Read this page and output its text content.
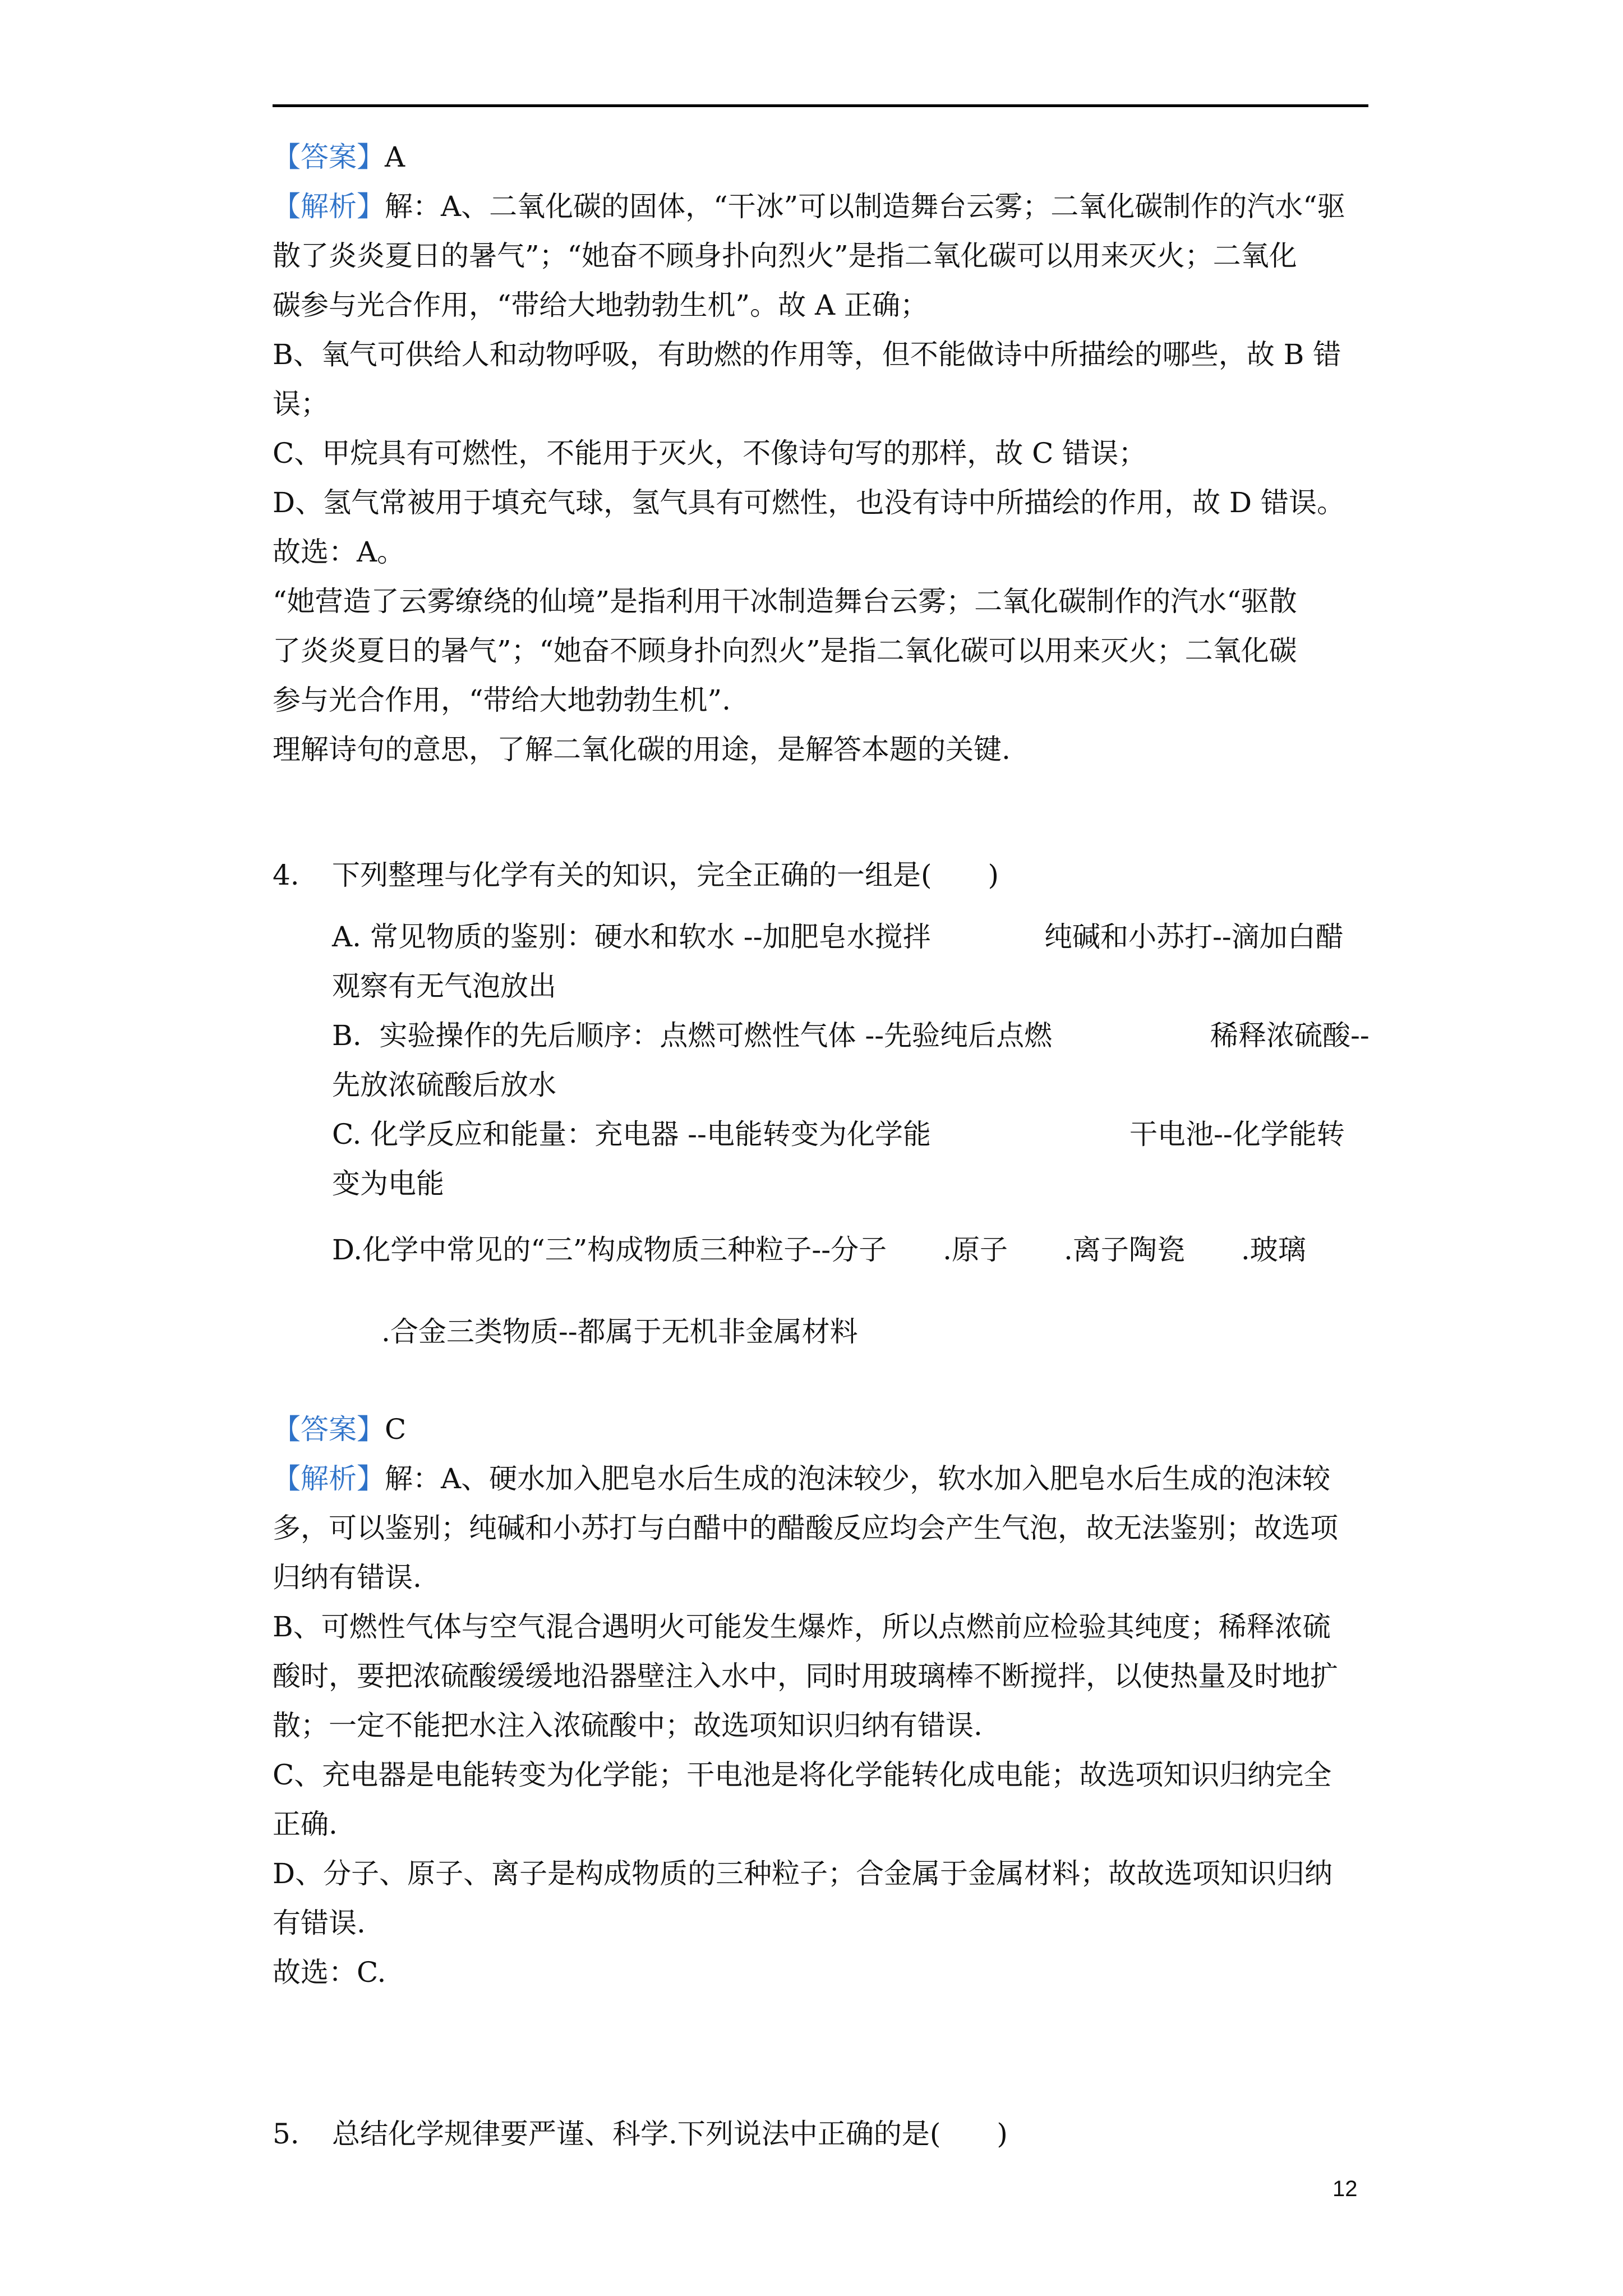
【答案】A
【解析】解：A、二氧化碳的固体，“干冰”可以制造舞台云雾；二氧化碳制作的汽水“驱
散了炎炎夏日的暑气”；“她奋不顾身扑向烈火”是指二氧化碳可以用来灭火；二氧化
碳参与光合作用，“带给大地勃勃生机”。故 A 正确；
B、氧气可供给人和动物呼吸，有助燃的作用等，但不能做诗中所描绘的哪些，故 B 错
误；
C、甲烷具有可燃性，不能用于灭火，不像诗句写的那样，故 C 错误；
D、氢气常被用于填充气球，氢气具有可燃性，也没有诗中所描绘的作用，故 D 错误。
故选：A。
“她营造了云雾缭绕的仙境”是指利用干冰制造舞台云雾；二氧化碳制作的汽水“驱散
了炎炎夏日的暑气”；“她奋不顾身扑向烈火”是指二氧化碳可以用来灭火；二氧化碳
参与光合作用，“带给大地勃勃生机”.
理解诗句的意思，了解二氧化碳的用途，是解答本题的关键.
4. 下列整理与化学有关的知识，完全正确的一组是(　　)
A. 常见物质的鉴别：硬水和软水 --加肥皂水搅拌	纯碱和小苏打--滴加白醋
观察有无气泡放出
B.  实验操作的先后顺序：点燃可燃性气体 --先验纯后点燃	稀释浓硫酸--
先放浓硫酸后放水
C. 化学反应和能量：充电器 --电能转变为化学能	干电池--化学能转
变为电能
D.化学中常见的“三”构成物质三种粒子--分子　　.原子　　.离子陶瓷　　.玻璃
.合金三类物质--都属于无机非金属材料
【答案】C
【解析】解：A、硬水加入肥皂水后生成的泡沫较少，软水加入肥皂水后生成的泡沫较
多，可以鉴别；纯碱和小苏打与白醋中的醋酸反应均会产生气泡，故无法鉴别；故选项
归纳有错误.
B、可燃性气体与空气混合遇明火可能发生爆炸，所以点燃前应检验其纯度；稀释浓硫
酸时，要把浓硫酸缓缓地沿器壁注入水中，同时用玻璃棒不断搅拌，以使热量及时地扩
散；一定不能把水注入浓硫酸中；故选项知识归纳有错误.
C、充电器是电能转变为化学能；干电池是将化学能转化成电能；故选项知识归纳完全
正确.
D、分子、原子、离子是构成物质的三种粒子；合金属于金属材料；故故选项知识归纳
有错误.
故选：C.
5. 总结化学规律要严谨、科学.下列说法中正确的是(　　)
12
